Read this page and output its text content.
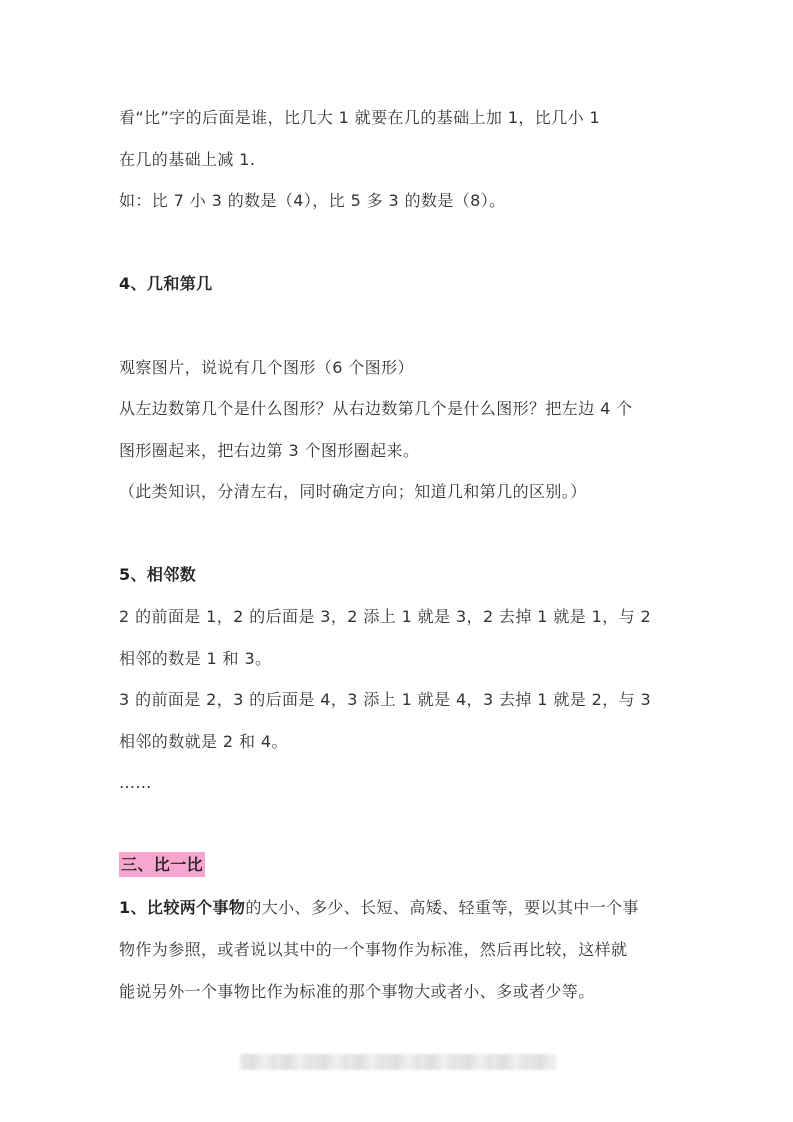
看“比”字的后面是谁，比几大 1 就要在几的基础上加 1，比几小 1
在几的基础上减 1.
如：比 7 小 3 的数是（4），比 5 多 3 的数是（8）。
4、几和第几
观察图片，说说有几个图形（6 个图形）
从左边数第几个是什么图形？从右边数第几个是什么图形？把左边 4 个
图形圈起来，把右边第 3 个图形圈起来。
（此类知识，分清左右，同时确定方向；知道几和第几的区别。）
5、相邻数
2 的前面是 1，2 的后面是 3，2 添上 1 就是 3，2 去掉 1 就是 1，与 2
相邻的数是 1 和 3。
3 的前面是 2，3 的后面是 4，3 添上 1 就是 4，3 去掉 1 就是 2，与 3
相邻的数就是 2 和 4。
……
三、比一比
1、比较两个事物的大小、多少、长短、高矮、轻重等，要以其中一个事
物作为参照，或者说以其中的一个事物作为标准，然后再比较，这样就
能说另外一个事物比作为标准的那个事物大或者小、多或者少等。
